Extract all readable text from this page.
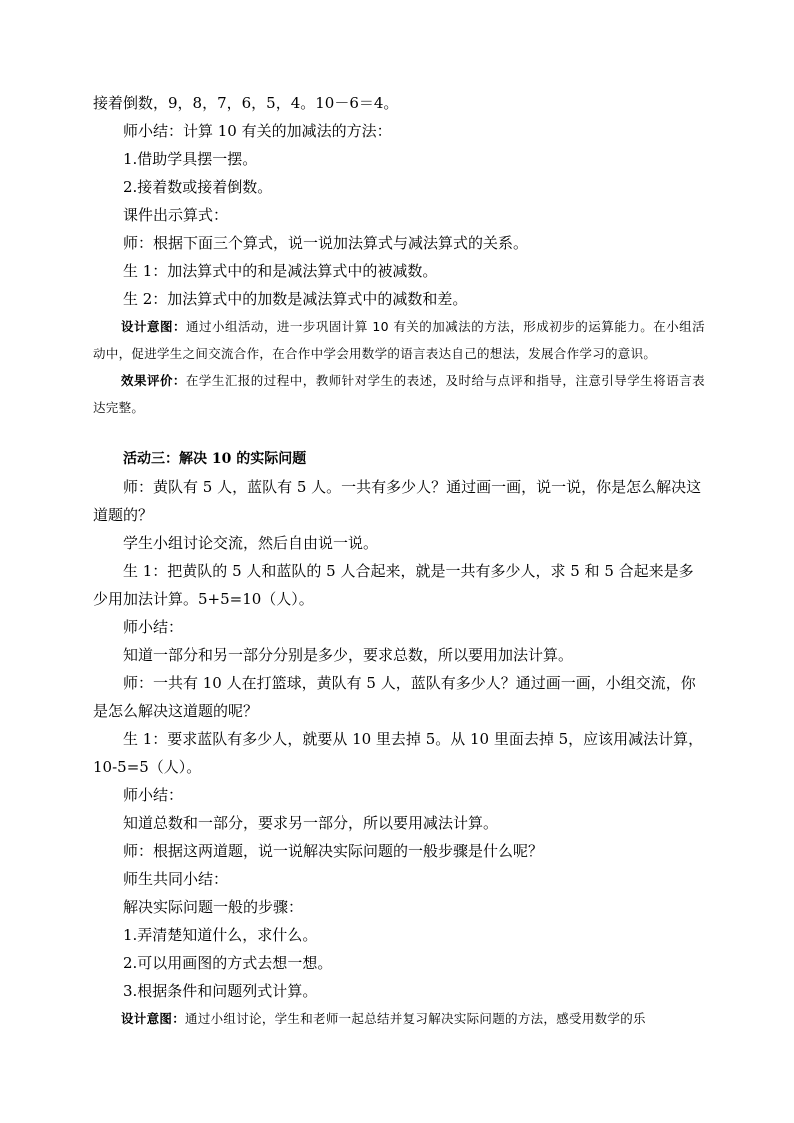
接着倒数，9，8，7，6，5，4。10－6＝4。

师小结：计算 10 有关的加减法的方法：

1.借助学具摆一摆。

2.接着数或接着倒数。

课件出示算式：

师：根据下面三个算式，说一说加法算式与减法算式的关系。

生 1：加法算式中的和是减法算式中的被减数。

生 2：加法算式中的加数是减法算式中的减数和差。

设计意图：通过小组活动，进一步巩固计算 10 有关的加减法的方法，形成初步的运算能力。在小组活动中，促进学生之间交流合作，在合作中学会用数学的语言表达自己的想法，发展合作学习的意识。

效果评价：在学生汇报的过程中，教师针对学生的表述，及时给与点评和指导，注意引导学生将语言表达完整。

活动三：解决 10 的实际问题

师：黄队有 5 人，蓝队有 5 人。一共有多少人？通过画一画，说一说，你是怎么解决这道题的？

学生小组讨论交流，然后自由说一说。

生 1：把黄队的 5 人和蓝队的 5 人合起来，就是一共有多少人，求 5 和 5 合起来是多少用加法计算。5+5=10（人）。

师小结：

知道一部分和另一部分分别是多少，要求总数，所以要用加法计算。

师：一共有 10 人在打篮球，黄队有 5 人，蓝队有多少人？通过画一画，小组交流，你是怎么解决这道题的呢？

生 1：要求蓝队有多少人，就要从 10 里去掉 5。从 10 里面去掉 5，应该用减法计算，10-5=5（人）。

师小结：

知道总数和一部分，要求另一部分，所以要用减法计算。

师：根据这两道题，说一说解决实际问题的一般步骤是什么呢？

师生共同小结：

解决实际问题一般的步骤：

1.弄清楚知道什么，求什么。

2.可以用画图的方式去想一想。

3.根据条件和问题列式计算。

设计意图：通过小组讨论，学生和老师一起总结并复习解决实际问题的方法，感受用数学的乐
